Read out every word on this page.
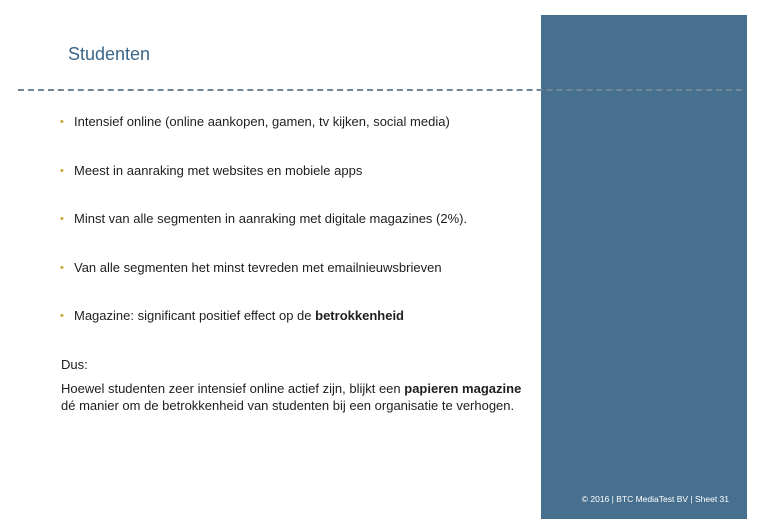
© 2016 | BTC MediaTest BV | Sheet 31
Studenten
• Intensief online (online aankopen, gamen, tv kijken, social media)
• Meest in aanraking met websites en mobiele apps
• Minst van alle segmenten in aanraking met digitale magazines (2%).
• Van alle segmenten het minst tevreden met emailnieuwsbrieven
• Magazine: significant positief effect op de betrokkenheid
Dus:
Hoewel studenten zeer intensief online actief zijn, blijkt een papieren magazine dé manier om de betrokkenheid van studenten bij een organisatie te verhogen.
